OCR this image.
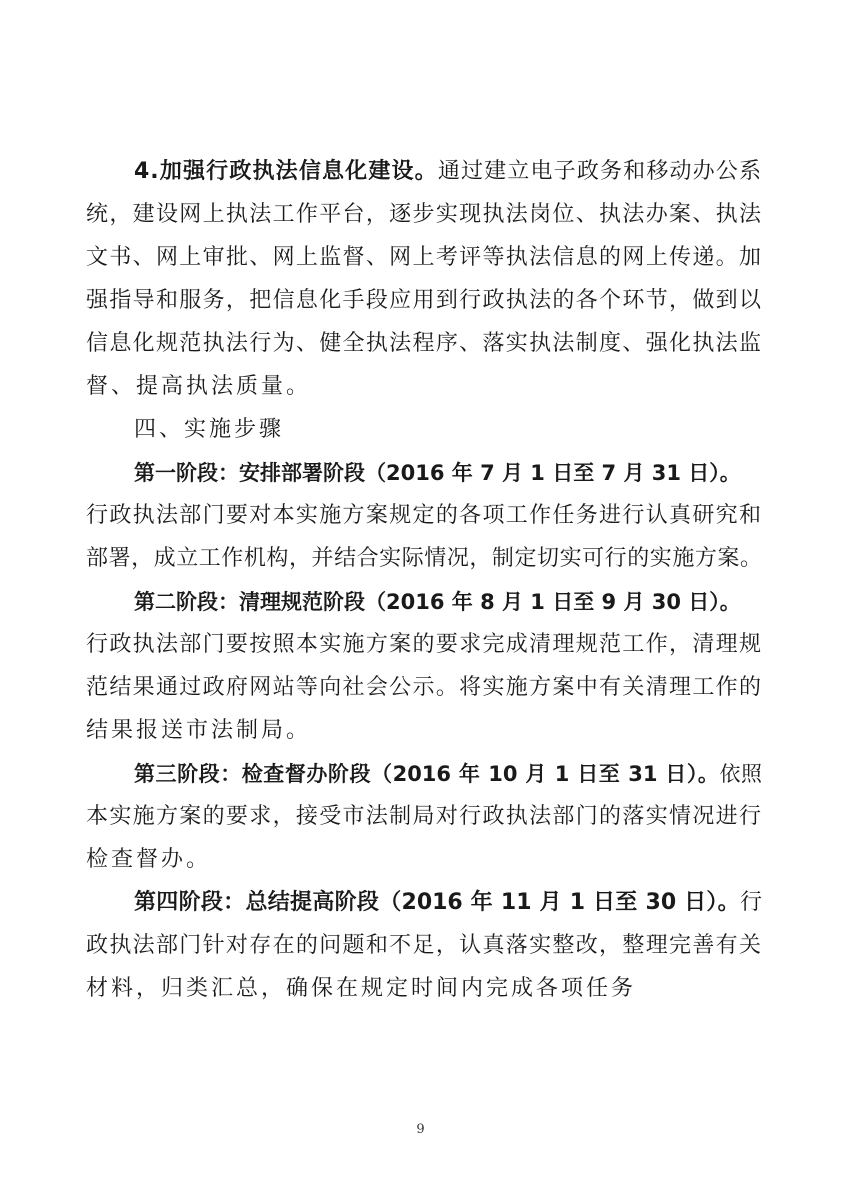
4.加强行政执法信息化建设。通过建立电子政务和移动办公系
统，建设网上执法工作平台，逐步实现执法岗位、执法办案、执法
文书、网上审批、网上监督、网上考评等执法信息的网上传递。加
强指导和服务，把信息化手段应用到行政执法的各个环节，做到以
信息化规范执法行为、健全执法程序、落实执法制度、强化执法监
督、提高执法质量。
四、实施步骤
第一阶段：安排部署阶段（2016 年 7 月 1 日至 7 月 31 日）。
行政执法部门要对本实施方案规定的各项工作任务进行认真研究和
部署，成立工作机构，并结合实际情况，制定切实可行的实施方案。
第二阶段：清理规范阶段（2016 年 8 月 1 日至 9 月 30 日）。
行政执法部门要按照本实施方案的要求完成清理规范工作，清理规
范结果通过政府网站等向社会公示。将实施方案中有关清理工作的
结果报送市法制局。
第三阶段：检查督办阶段（2016 年 10 月 1 日至 31 日）。依照
本实施方案的要求，接受市法制局对行政执法部门的落实情况进行
检查督办。
第四阶段：总结提高阶段（2016 年 11 月 1 日至 30 日）。行
政执法部门针对存在的问题和不足，认真落实整改，整理完善有关
材料，归类汇总，确保在规定时间内完成各项任务
9
